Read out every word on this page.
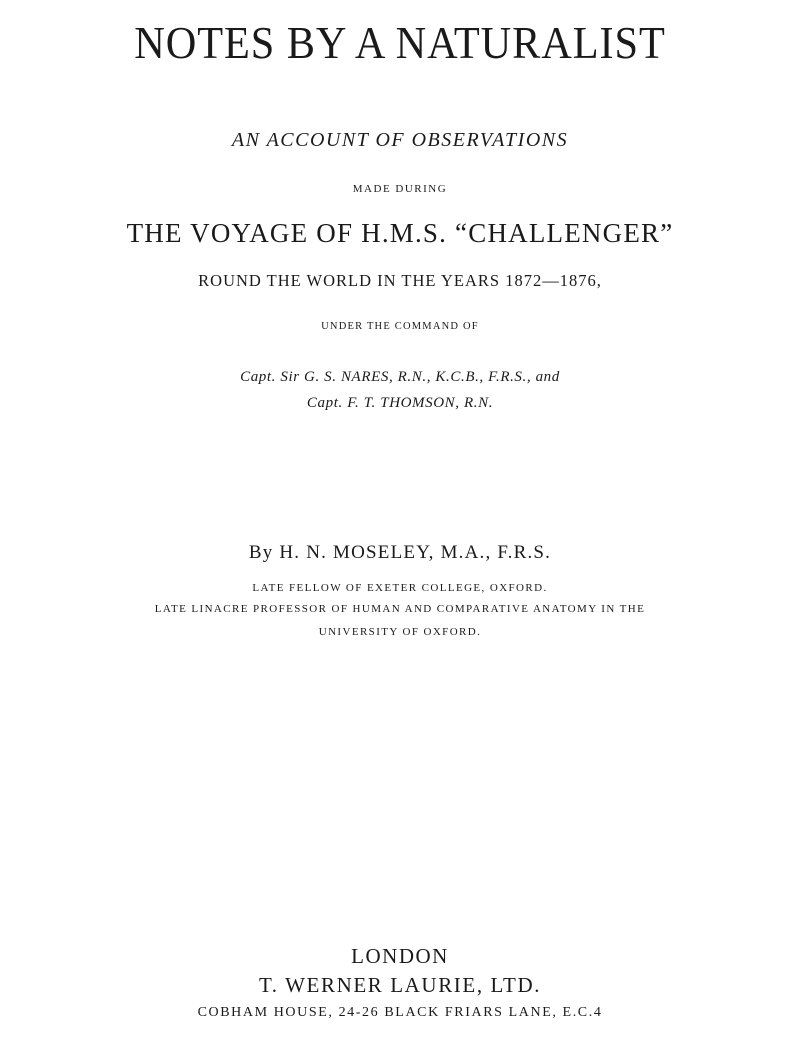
NOTES BY A NATURALIST
AN ACCOUNT OF OBSERVATIONS
MADE DURING
THE VOYAGE OF H.M.S. “CHALLENGER”
ROUND THE WORLD IN THE YEARS 1872—1876,
UNDER THE COMMAND OF
Capt. Sir G. S. NARES, R.N., K.C.B., F.R.S., and
Capt. F. T. THOMSON, R.N.
By H. N. MOSELEY, M.A., F.R.S.
LATE FELLOW OF EXETER COLLEGE, OXFORD.
LATE LINACRE PROFESSOR OF HUMAN AND COMPARATIVE ANATOMY IN THE
UNIVERSITY OF OXFORD.
LONDON
T. WERNER LAURIE, LTD.
COBHAM HOUSE, 24-26 BLACK FRIARS LANE, E.C.4
